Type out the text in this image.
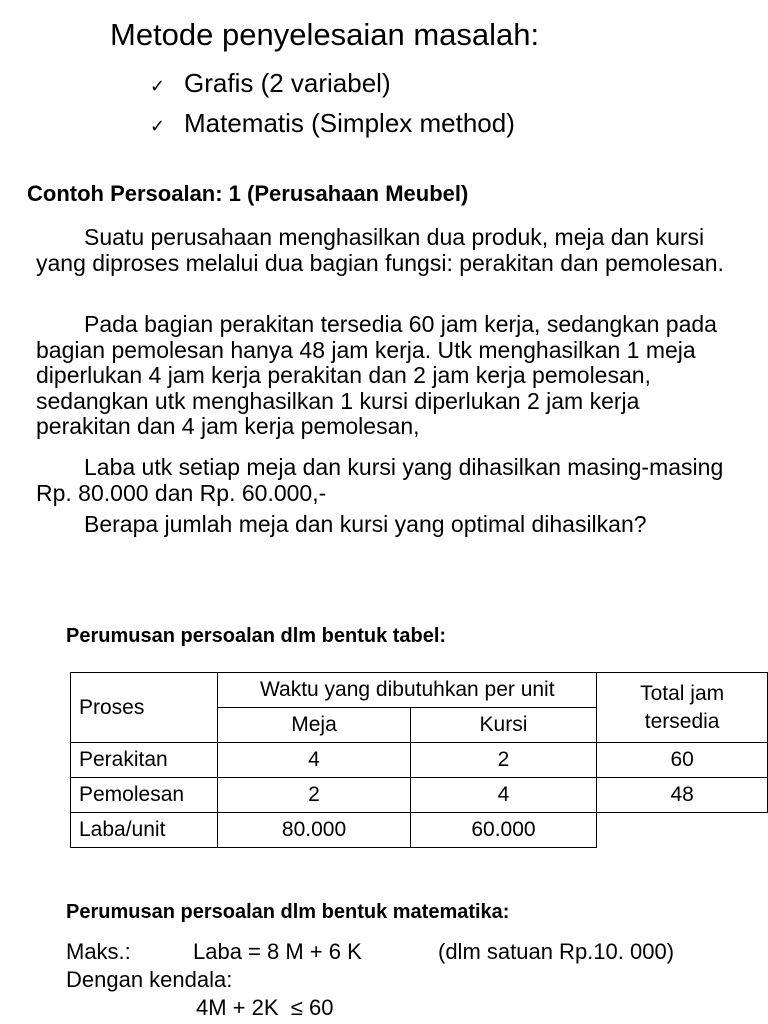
Metode penyelesaian masalah:
✓ Grafis (2 variabel)
✓ Matematis (Simplex method)
Contoh Persoalan: 1 (Perusahaan Meubel)
Suatu perusahaan menghasilkan dua produk, meja dan kursi yang diproses melalui dua bagian fungsi: perakitan dan pemolesan.
Pada bagian perakitan tersedia 60 jam kerja, sedangkan pada bagian pemolesan hanya 48 jam kerja. Utk menghasilkan 1 meja diperlukan 4 jam kerja perakitan dan 2 jam kerja pemolesan, sedangkan utk menghasilkan 1 kursi diperlukan 2 jam kerja perakitan dan 4 jam kerja pemolesan,
Laba utk setiap meja dan kursi yang dihasilkan masing-masing Rp. 80.000 dan Rp. 60.000,-
Berapa jumlah meja dan kursi yang optimal dihasilkan?
Perumusan persoalan dlm bentuk tabel:
Proses	Waktu yang dibutuhkan per unit		Total jam tersedia
	Meja	Kursi	
Perakitan	4	2	60
Pemolesan	2	4	48
Laba/unit	80.000	60.000	
Perumusan persoalan dlm bentuk matematika:
Maks.:	Laba = 8 M + 6 K	(dlm satuan Rp.10. 000)
Dengan kendala:
4M + 2K  ≤ 60
